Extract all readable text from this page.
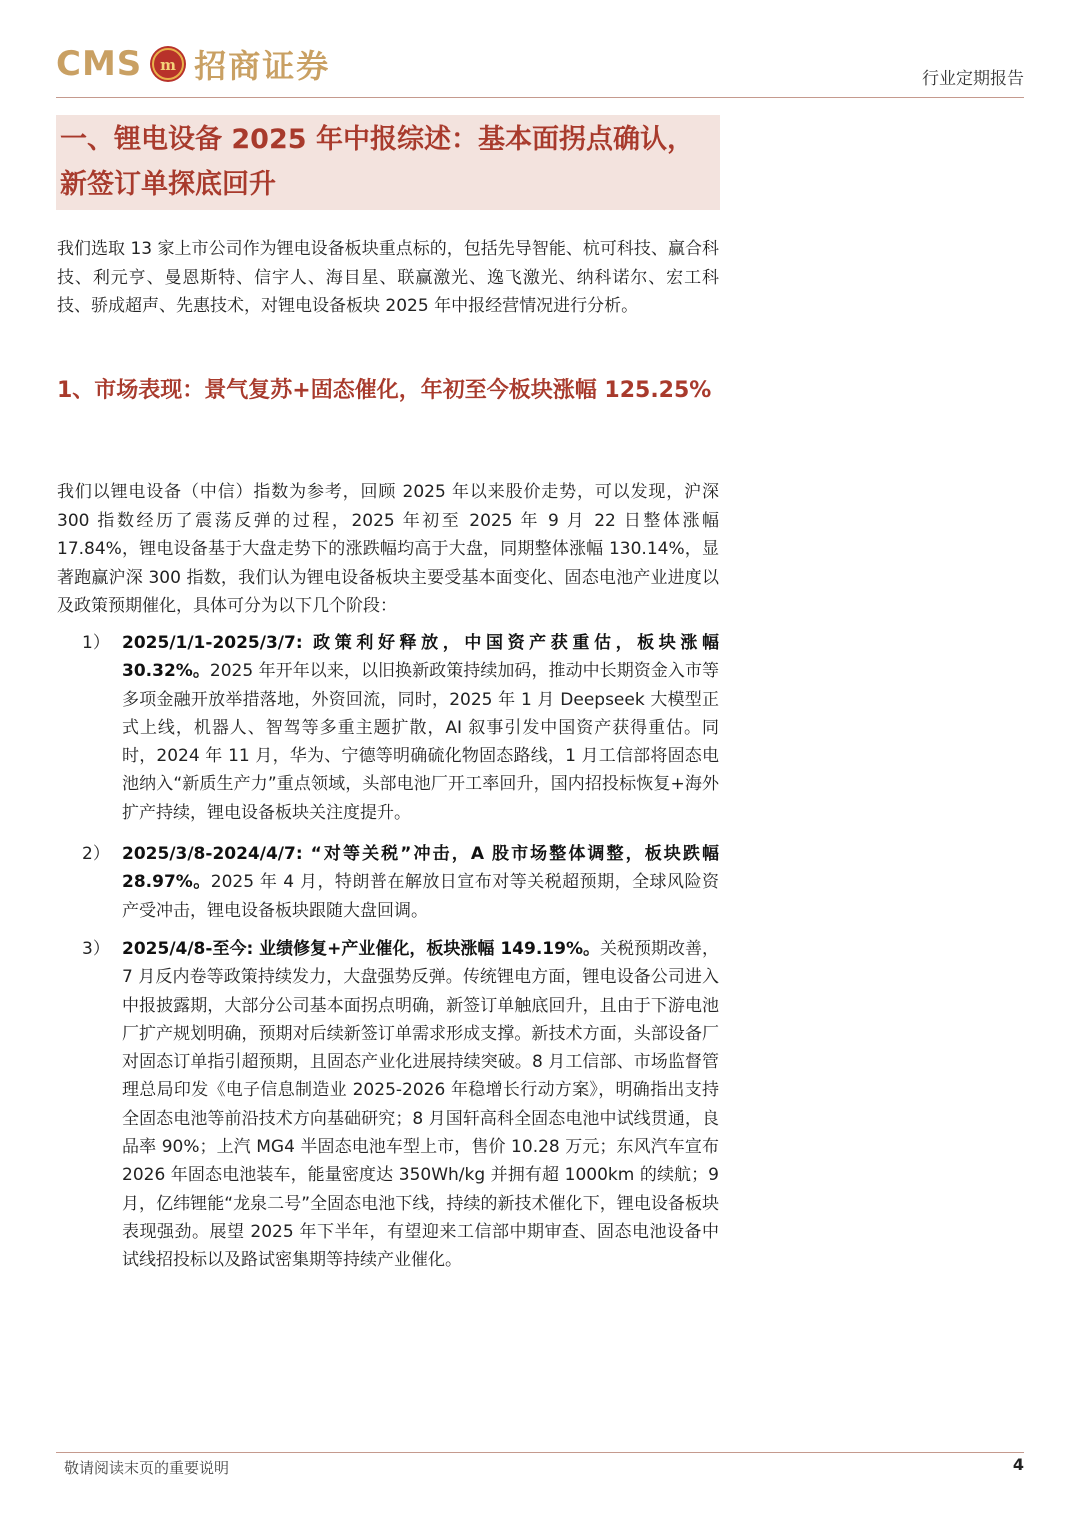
CMS m 招商证券	行业定期报告
一、锂电设备 2025 年中报综述：基本面拐点确认，新签订单探底回升
我们选取 13 家上市公司作为锂电设备板块重点标的，包括先导智能、杭可科技、赢合科技、利元亨、曼恩斯特、信宇人、海目星、联赢激光、逸飞激光、纳科诺尔、宏工科技、骄成超声、先惠技术，对锂电设备板块 2025 年中报经营情况进行分析。
1、市场表现：景气复苏+固态催化，年初至今板块涨幅 125.25%
我们以锂电设备（中信）指数为参考，回顾 2025 年以来股价走势，可以发现，沪深 300 指数经历了震荡反弹的过程，2025 年初至 2025 年 9 月 22 日整体涨幅 17.84%，锂电设备基于大盘走势下的涨跌幅均高于大盘，同期整体涨幅 130.14%，显著跑赢沪深 300 指数，我们认为锂电设备板块主要受基本面变化、固态电池产业进度以及政策预期催化，具体可分为以下几个阶段：
1） 2025/1/1-2025/3/7: 政策利好释放，中国资产获重估，板块涨幅 30.32%。2025 年开年以来，以旧换新政策持续加码，推动中长期资金入市等多项金融开放举措落地，外资回流，同时，2025 年 1 月 Deepseek 大模型正式上线，机器人、智驾等多重主题扩散，AI 叙事引发中国资产获得重估。同时，2024 年 11 月，华为、宁德等明确硫化物固态路线，1 月工信部将固态电池纳入“新质生产力”重点领域，头部电池厂开工率回升，国内招投标恢复+海外扩产持续，锂电设备板块关注度提升。
2） 2025/3/8-2024/4/7: “对等关税”冲击，A 股市场整体调整，板块跌幅 28.97%。2025 年 4 月，特朗普在解放日宣布对等关税超预期，全球风险资产受冲击，锂电设备板块跟随大盘回调。
3） 2025/4/8-至今: 业绩修复+产业催化，板块涨幅 149.19%。关税预期改善，7 月反内卷等政策持续发力，大盘强势反弹。传统锂电方面，锂电设备公司进入中报披露期，大部分公司基本面拐点明确，新签订单触底回升，且由于下游电池厂扩产规划明确，预期对后续新签订单需求形成支撑。新技术方面，头部设备厂对固态订单指引超预期，且固态产业化进展持续突破。8 月工信部、市场监督管理总局印发《电子信息制造业 2025-2026 年稳增长行动方案》，明确指出支持全固态电池等前沿技术方向基础研究；8 月国轩高科全固态电池中试线贯通，良品率 90%；上汽 MG4 半固态电池车型上市，售价 10.28 万元；东风汽车宣布 2026 年固态电池装车，能量密度达 350Wh/kg 并拥有超 1000km 的续航；9 月，亿纬锂能“龙泉二号”全固态电池下线，持续的新技术催化下，锂电设备板块表现强劲。展望 2025 年下半年，有望迎来工信部中期审查、固态电池设备中试线招投标以及路试密集期等持续产业催化。
敬请阅读末页的重要说明	4
